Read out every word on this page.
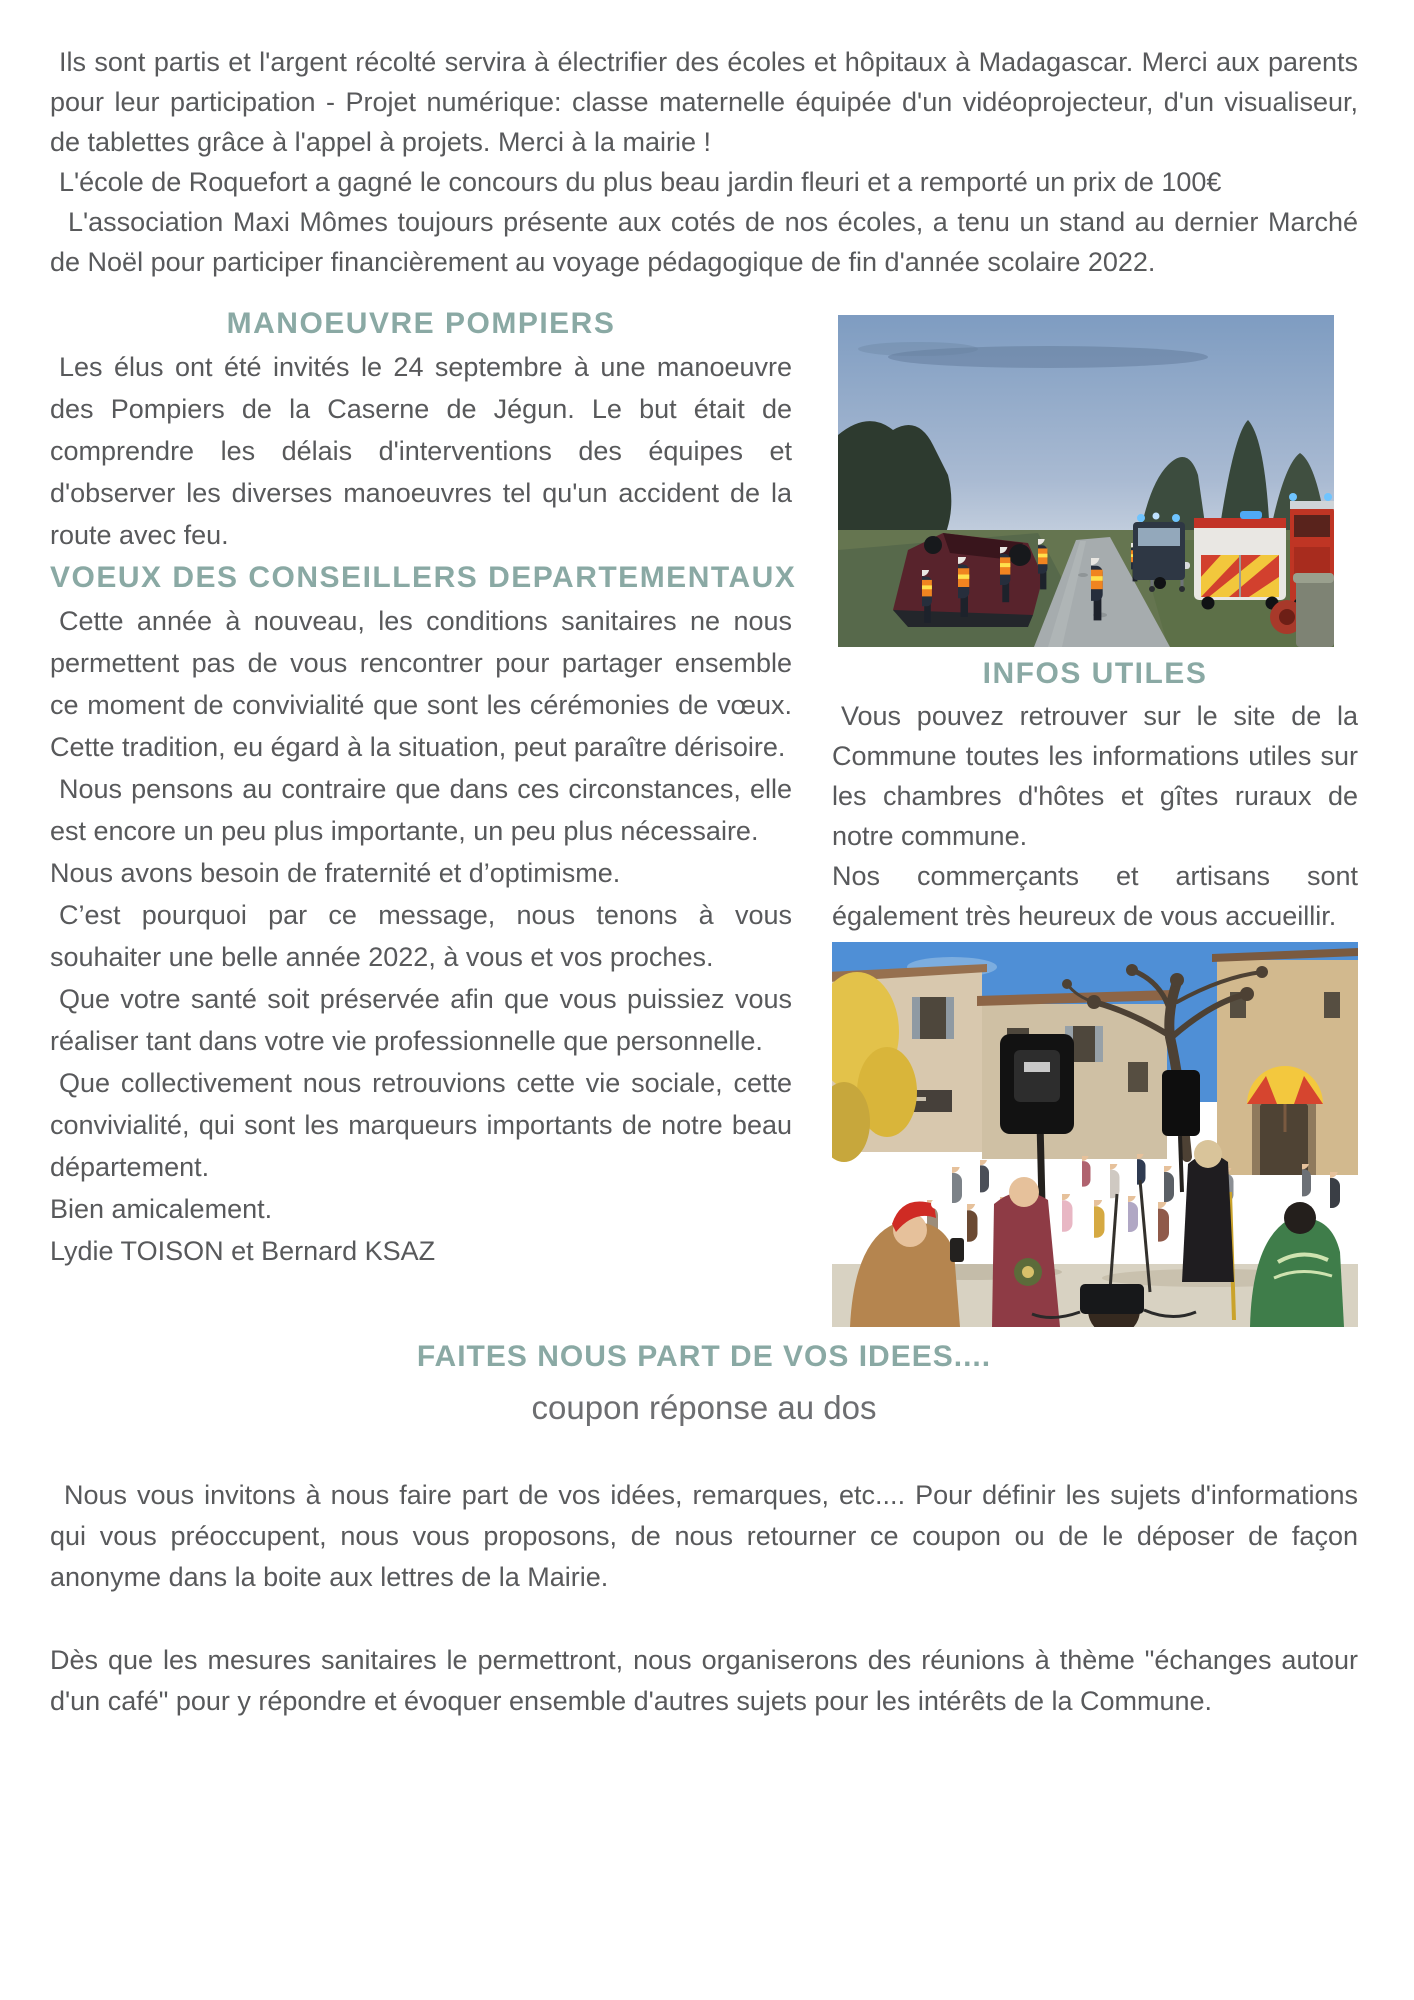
Ils sont partis et l'argent récolté servira à électrifier des écoles et hôpitaux à Madagascar. Merci aux parents pour leur participation - Projet numérique: classe maternelle équipée d'un vidéoprojecteur, d'un visualiseur, de tablettes grâce à l'appel à projets. Merci à la mairie !

L'école de Roquefort a gagné le concours du plus beau jardin fleuri et a remporté un prix de 100€

L'association Maxi Mômes toujours présente aux cotés de nos écoles, a tenu un stand au dernier Marché de Noël pour participer financièrement au voyage pédagogique de fin d'année scolaire 2022.

MANOEUVRE POMPIERS

Les élus ont été invités le 24 septembre à une manoeuvre des Pompiers de la Caserne de Jégun. Le but était de comprendre les délais d'interventions des équipes et d'observer les diverses manoeuvres tel qu'un accident de la route avec feu.

VOEUX DES CONSEILLERS DEPARTEMENTAUX

Cette année à nouveau, les conditions sanitaires ne nous permettent pas de vous rencontrer pour partager ensemble ce moment de convivialité que sont les cérémonies de vœux. Cette tradition, eu égard à la situation, peut paraître dérisoire.

Nous pensons au contraire que dans ces circonstances, elle est encore un peu plus importante, un peu plus nécessaire.

Nous avons besoin de fraternité et d’optimisme.

C’est pourquoi par ce message, nous tenons à vous souhaiter une belle année 2022, à vous et vos proches.

Que votre santé soit préservée afin que vous puissiez vous réaliser tant dans votre vie professionnelle que personnelle.

Que collectivement nous retrouvions cette vie sociale, cette convivialité, qui sont les marqueurs importants de notre beau département.

Bien amicalement.

Lydie TOISON et Bernard KSAZ

INFOS UTILES

Vous pouvez retrouver sur le site de la Commune toutes les informations utiles sur les chambres d'hôtes et gîtes ruraux de notre commune.

Nos commerçants et artisans sont également très heureux de vous accueillir.

FAITES NOUS PART DE VOS IDEES....

coupon réponse au dos

Nous vous invitons à nous faire part de vos idées, remarques, etc.... Pour définir les sujets d'informations qui vous préoccupent, nous vous proposons, de nous retourner ce coupon ou de le déposer de façon anonyme dans la boite aux lettres de la Mairie.

Dès que les mesures sanitaires le permettront, nous organiserons des réunions à thème "échanges autour d'un café" pour y répondre et évoquer ensemble d'autres sujets pour les intérêts de la Commune.
